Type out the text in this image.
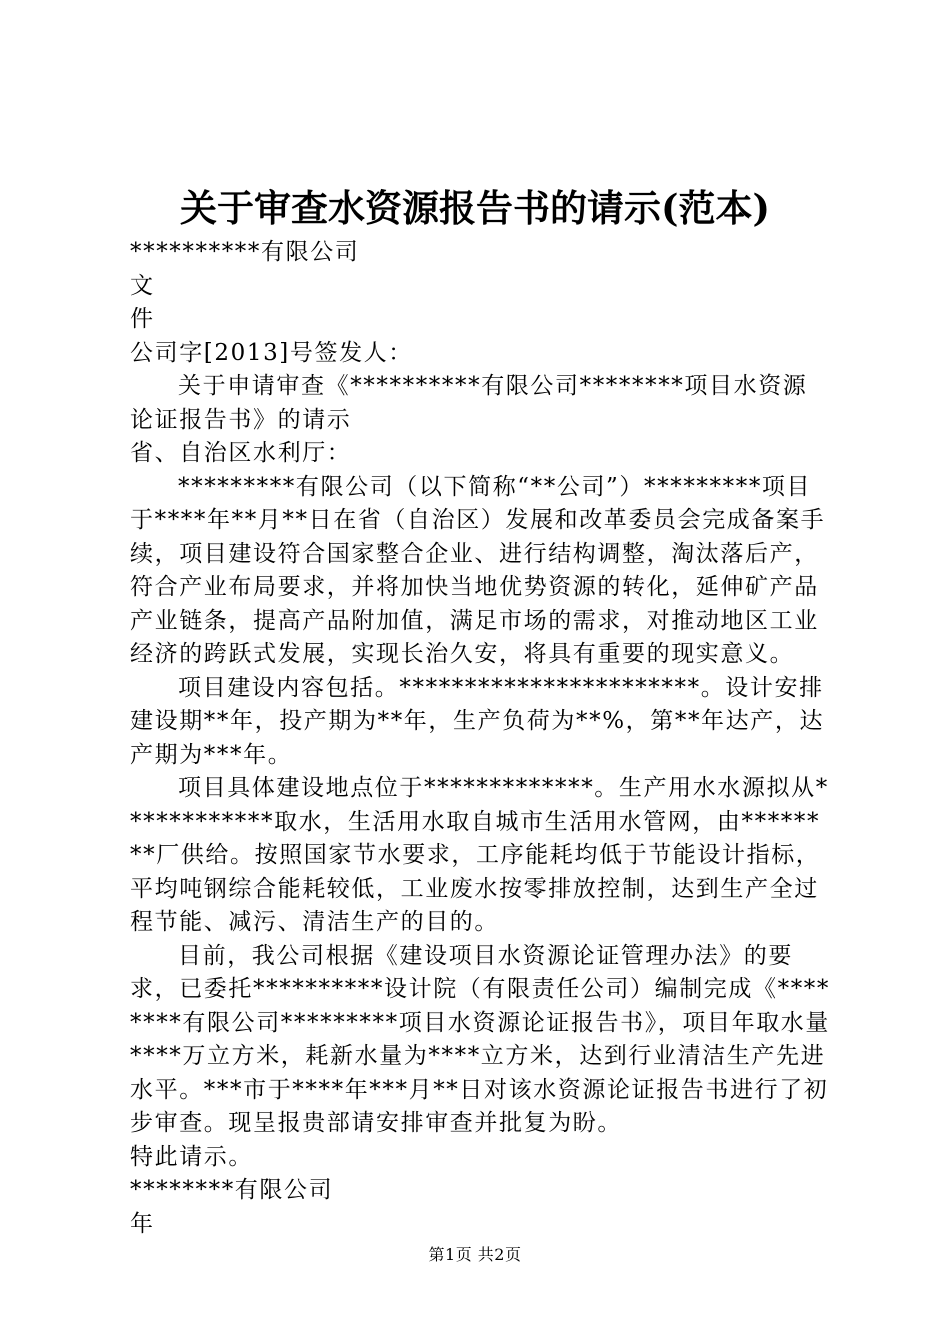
关于审查水资源报告书的请示(范本)

**********有限公司

文

件

公司字[2013]号签发人：

关于申请审查《**********有限公司********项目水资源论证报告书》的请示

省、自治区水利厅：

*********有限公司（以下简称“**公司”）*********项目于****年**月**日在省（自治区）发展和改革委员会完成备案手续，项目建设符合国家整合企业、进行结构调整，淘汰落后产，符合产业布局要求，并将加快当地优势资源的转化，延伸矿产品产业链条，提高产品附加值，满足市场的需求，对推动地区工业经济的跨跃式发展，实现长治久安，将具有重要的现实意义。

项目建设内容包括。***********************。设计安排建设期**年，投产期为**年，生产负荷为**%，第**年达产，达产期为***年。

项目具体建设地点位于*************。生产用水水源拟从************取水，生活用水取自城市生活用水管网，由********厂供给。按照国家节水要求，工序能耗均低于节能设计指标，平均吨钢综合能耗较低，工业废水按零排放控制，达到生产全过程节能、减污、清洁生产的目的。

目前，我公司根据《建设项目水资源论证管理办法》的要求，已委托**********设计院（有限责任公司）编制完成《********有限公司*********项目水资源论证报告书》，项目年取水量****万立方米，耗新水量为****立方米，达到行业清洁生产先进水平。***市于****年***月**日对该水资源论证报告书进行了初步审查。现呈报贵部请安排审查并批复为盼。

特此请示。

********有限公司

年

第1页 共2页
